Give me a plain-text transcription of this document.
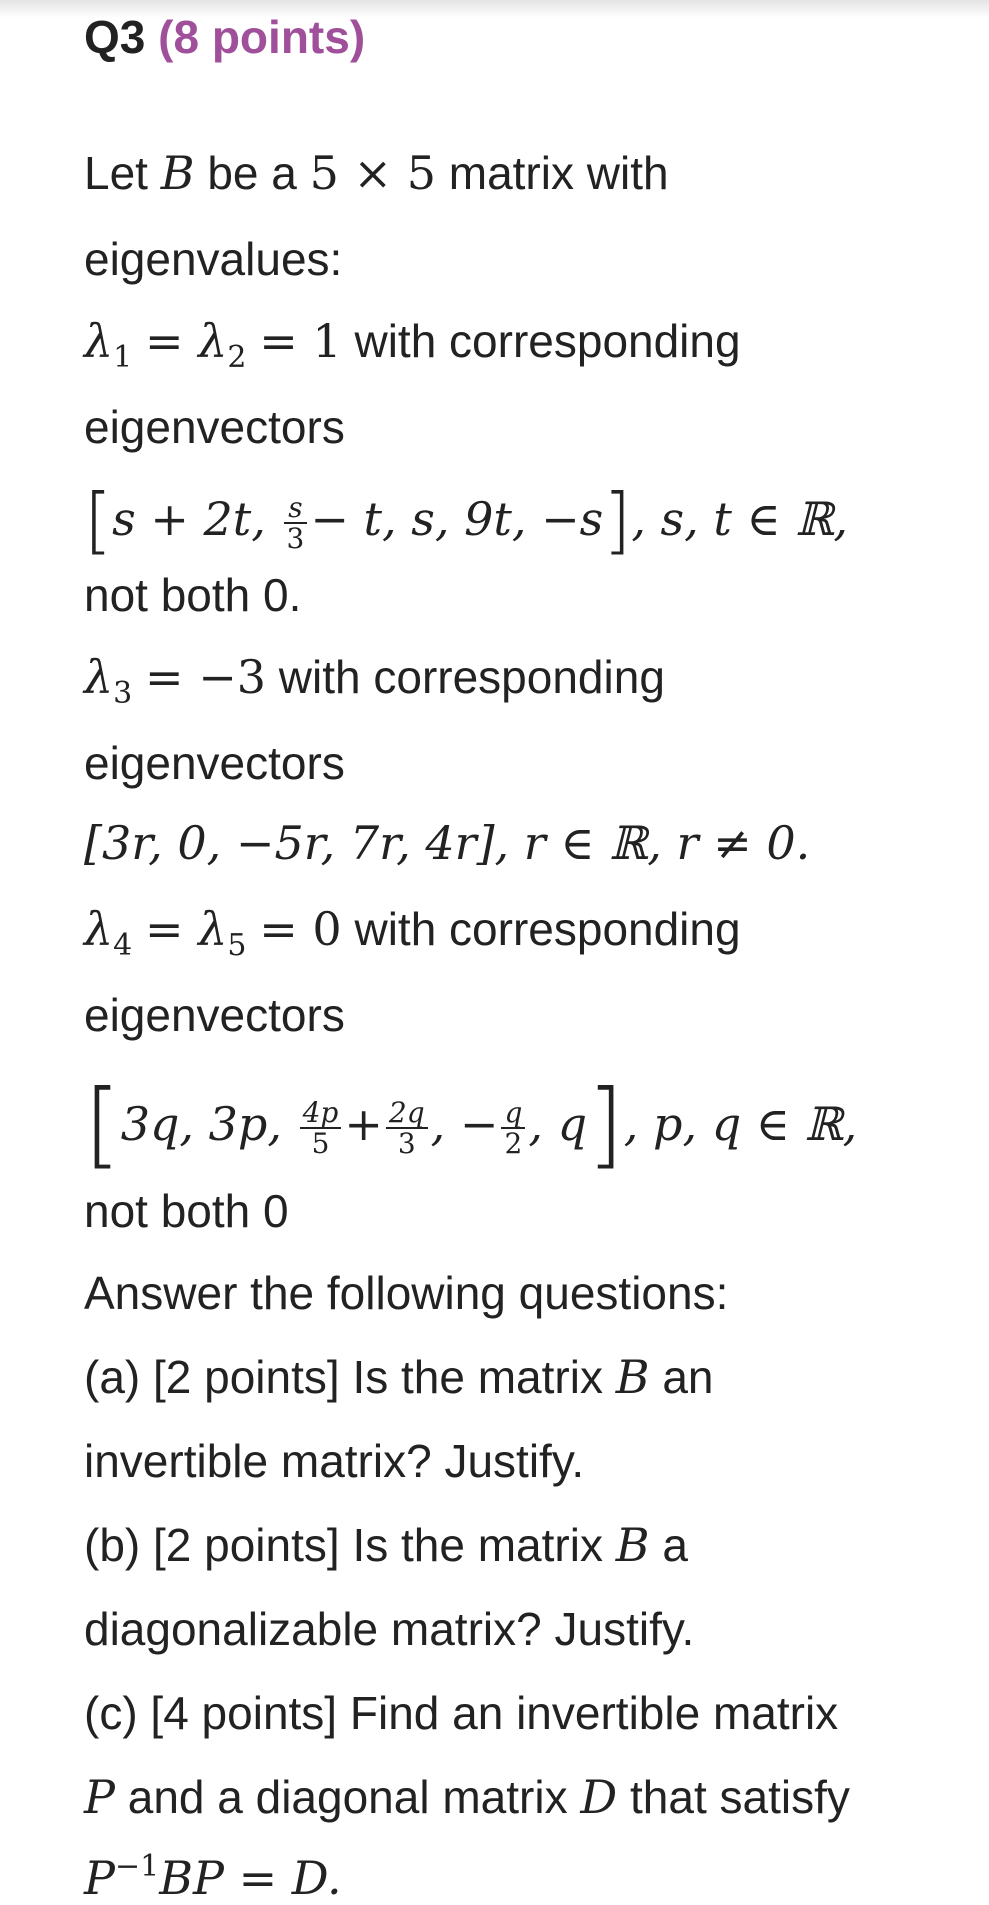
Q3 (8 points)
Let B be a 5 × 5 matrix with
eigenvalues:
$\lambda_1 = \lambda_2 = 1$ with corresponding
eigenvectors
[s + 2t, $\frac{s}{3} - t$, s, 9t, −s], s, t ∈ ℝ,
not both 0.
$\lambda_3 = -3$ with corresponding
eigenvectors
[3r, 0, −5r, 7r, 4r], r ∈ ℝ, r ≠ 0.
$\lambda_4 = \lambda_5 = 0$ with corresponding
eigenvectors
[3q, 3p, $\frac{4p}{5} + \frac{2q}{3}$ , − $\frac{q}{2}$ , q], p, q ∈ ℝ,
not both 0
Answer the following questions:
(a) [2 points] Is the matrix B an
invertible matrix? Justify.
(b) [2 points] Is the matrix B a
diagonalizable matrix? Justify.
(c) [4 points] Find an invertible matrix
P and a diagonal matrix D that satisfy
$P^{-1}BP = D$.
